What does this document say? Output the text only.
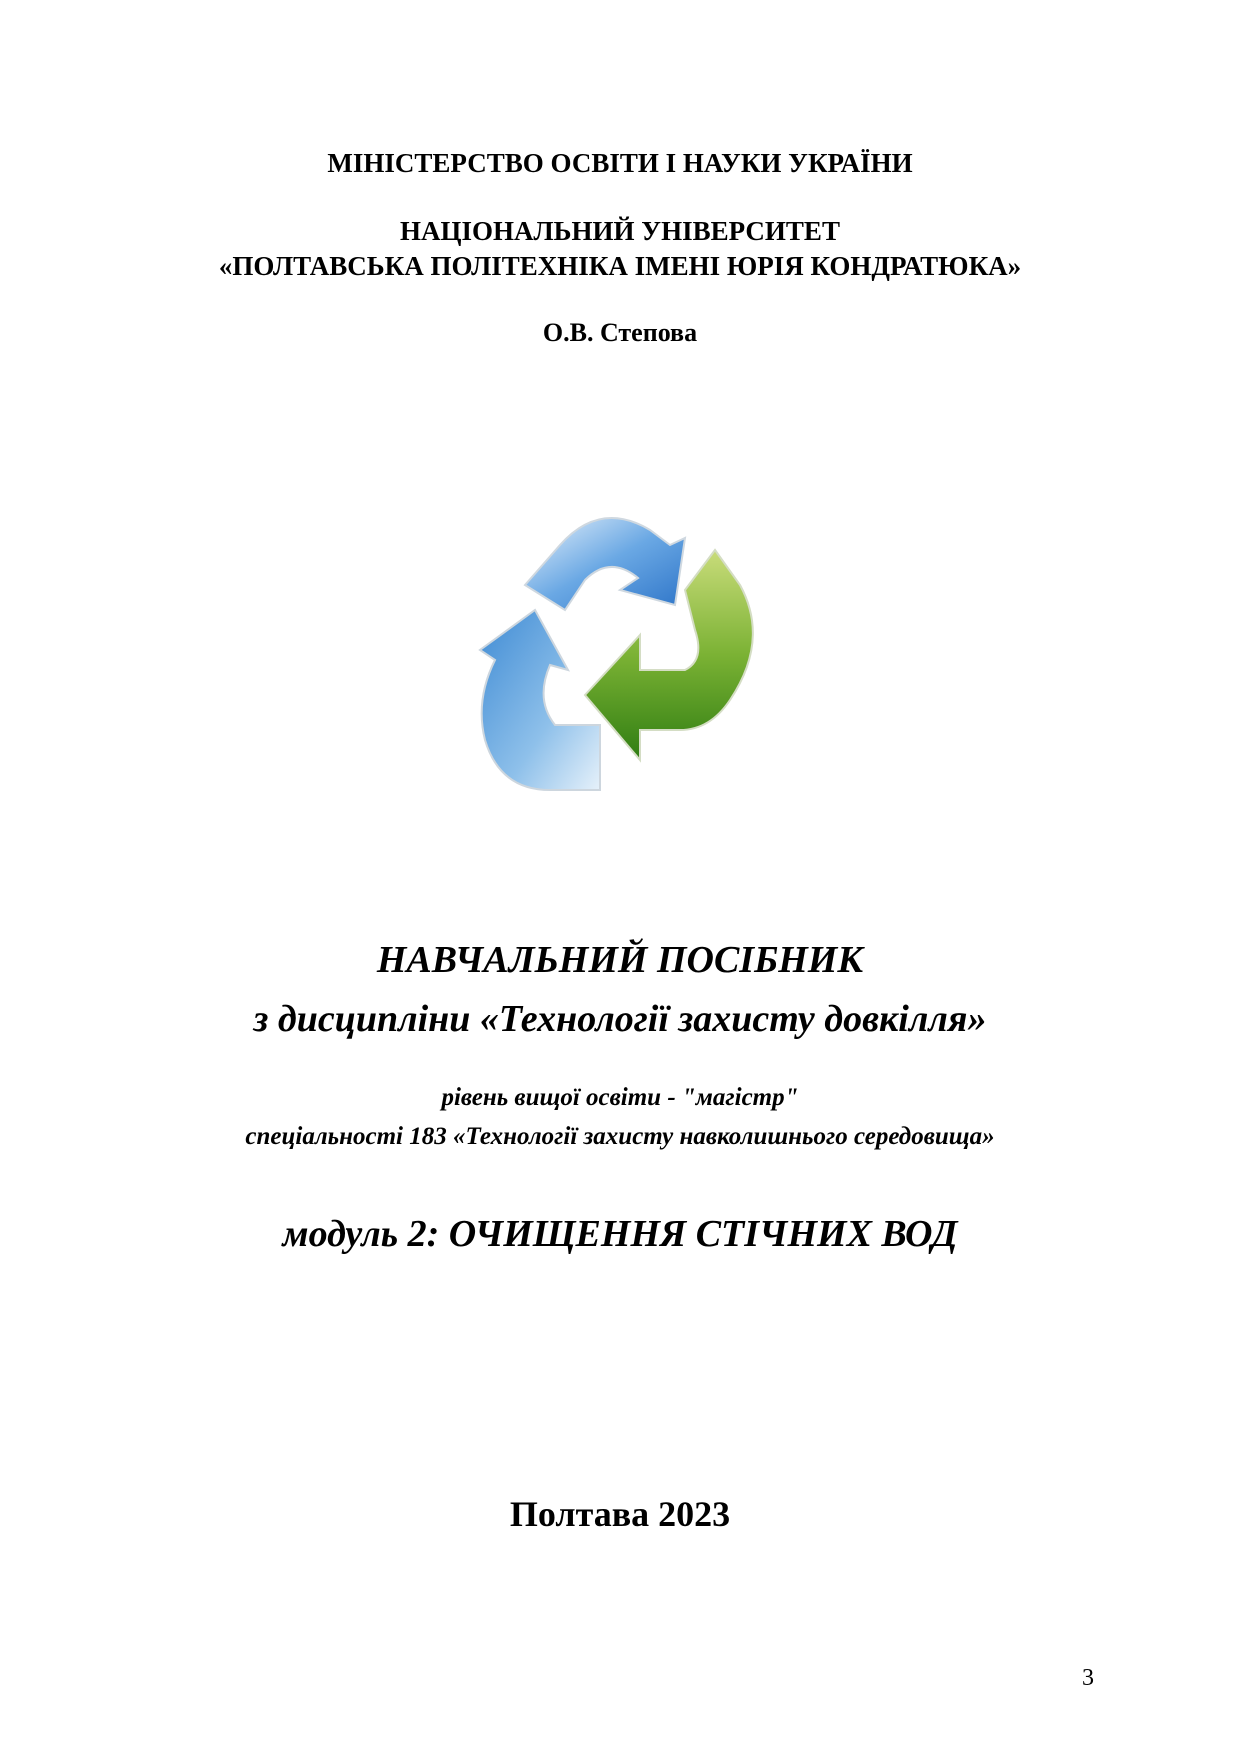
МІНІСТЕРСТВО ОСВІТИ І НАУКИ УКРАЇНИ
НАЦІОНАЛЬНИЙ УНІВЕРСИТЕТ
«ПОЛТАВСЬКА ПОЛІТЕХНІКА ІМЕНІ ЮРІЯ КОНДРАТЮКА»
О.В. Степова
НАВЧАЛЬНИЙ ПОСІБНИК
з дисципліни «Технології захисту довкілля»
рівень вищої освіти - "магістр"
спеціальності 183 «Технології захисту навколишнього середовища»
модуль 2: ОЧИЩЕННЯ СТІЧНИХ ВОД
Полтава 2023
3
